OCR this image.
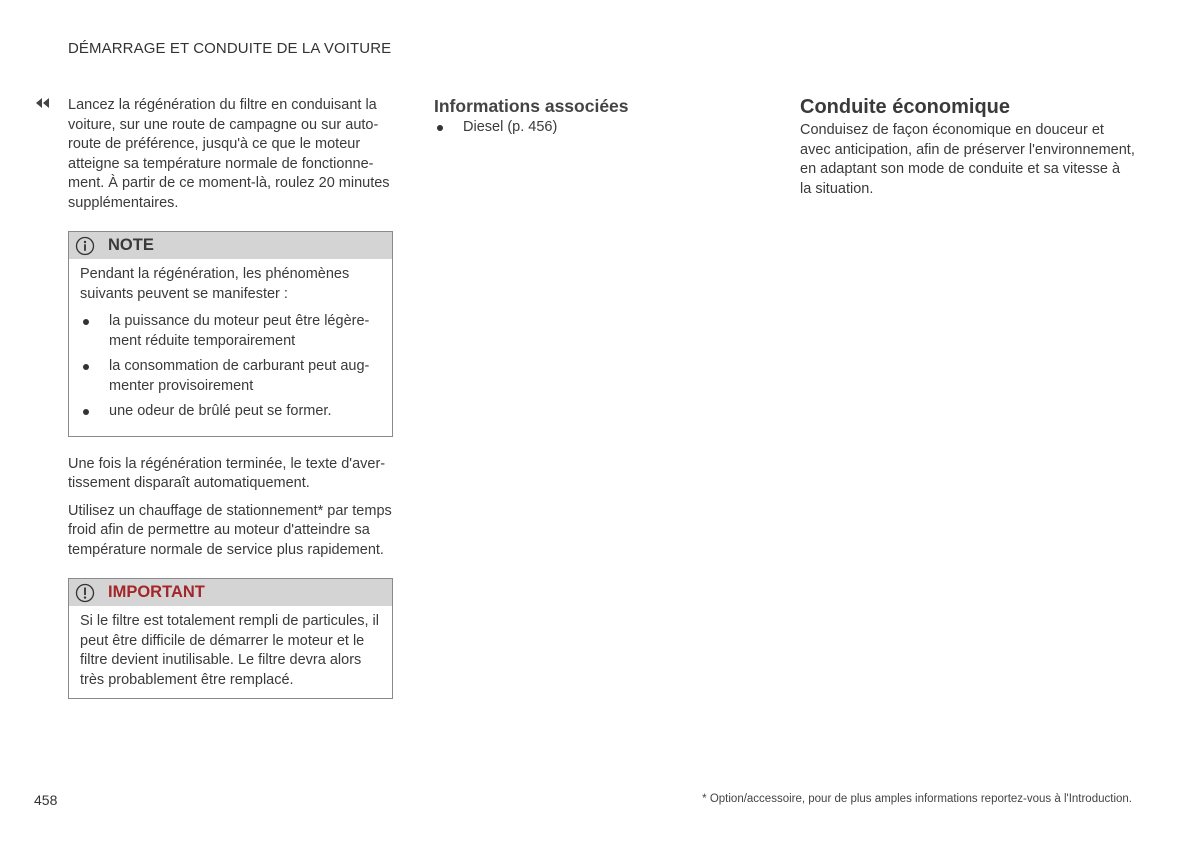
DÉMARRAGE ET CONDUITE DE LA VOITURE

Lancez la régénération du filtre en conduisant la voiture, sur une route de campagne ou sur autoroute de préférence, jusqu'à ce que le moteur atteigne sa température normale de fonctionnement. À partir de ce moment-là, roulez 20 minutes supplémentaires.

NOTE

Pendant la régénération, les phénomènes suivants peuvent se manifester :

la puissance du moteur peut être légèrement réduite temporairement
la consommation de carburant peut augmenter provisoirement
une odeur de brûlé peut se former.

Une fois la régénération terminée, le texte d'avertissement disparaît automatiquement.

Utilisez un chauffage de stationnement* par temps froid afin de permettre au moteur d'atteindre sa température normale de service plus rapidement.

IMPORTANT

Si le filtre est totalement rempli de particules, il peut être difficile de démarrer le moteur et le filtre devient inutilisable. Le filtre devra alors très probablement être remplacé.

Informations associées
Diesel (p. 456)
Conduite économique

Conduisez de façon économique en douceur et avec anticipation, afin de préserver l'environnement, en adaptant son mode de conduite et sa vitesse à la situation.

458	* Option/accessoire, pour de plus amples informations reportez-vous à l'Introduction.
